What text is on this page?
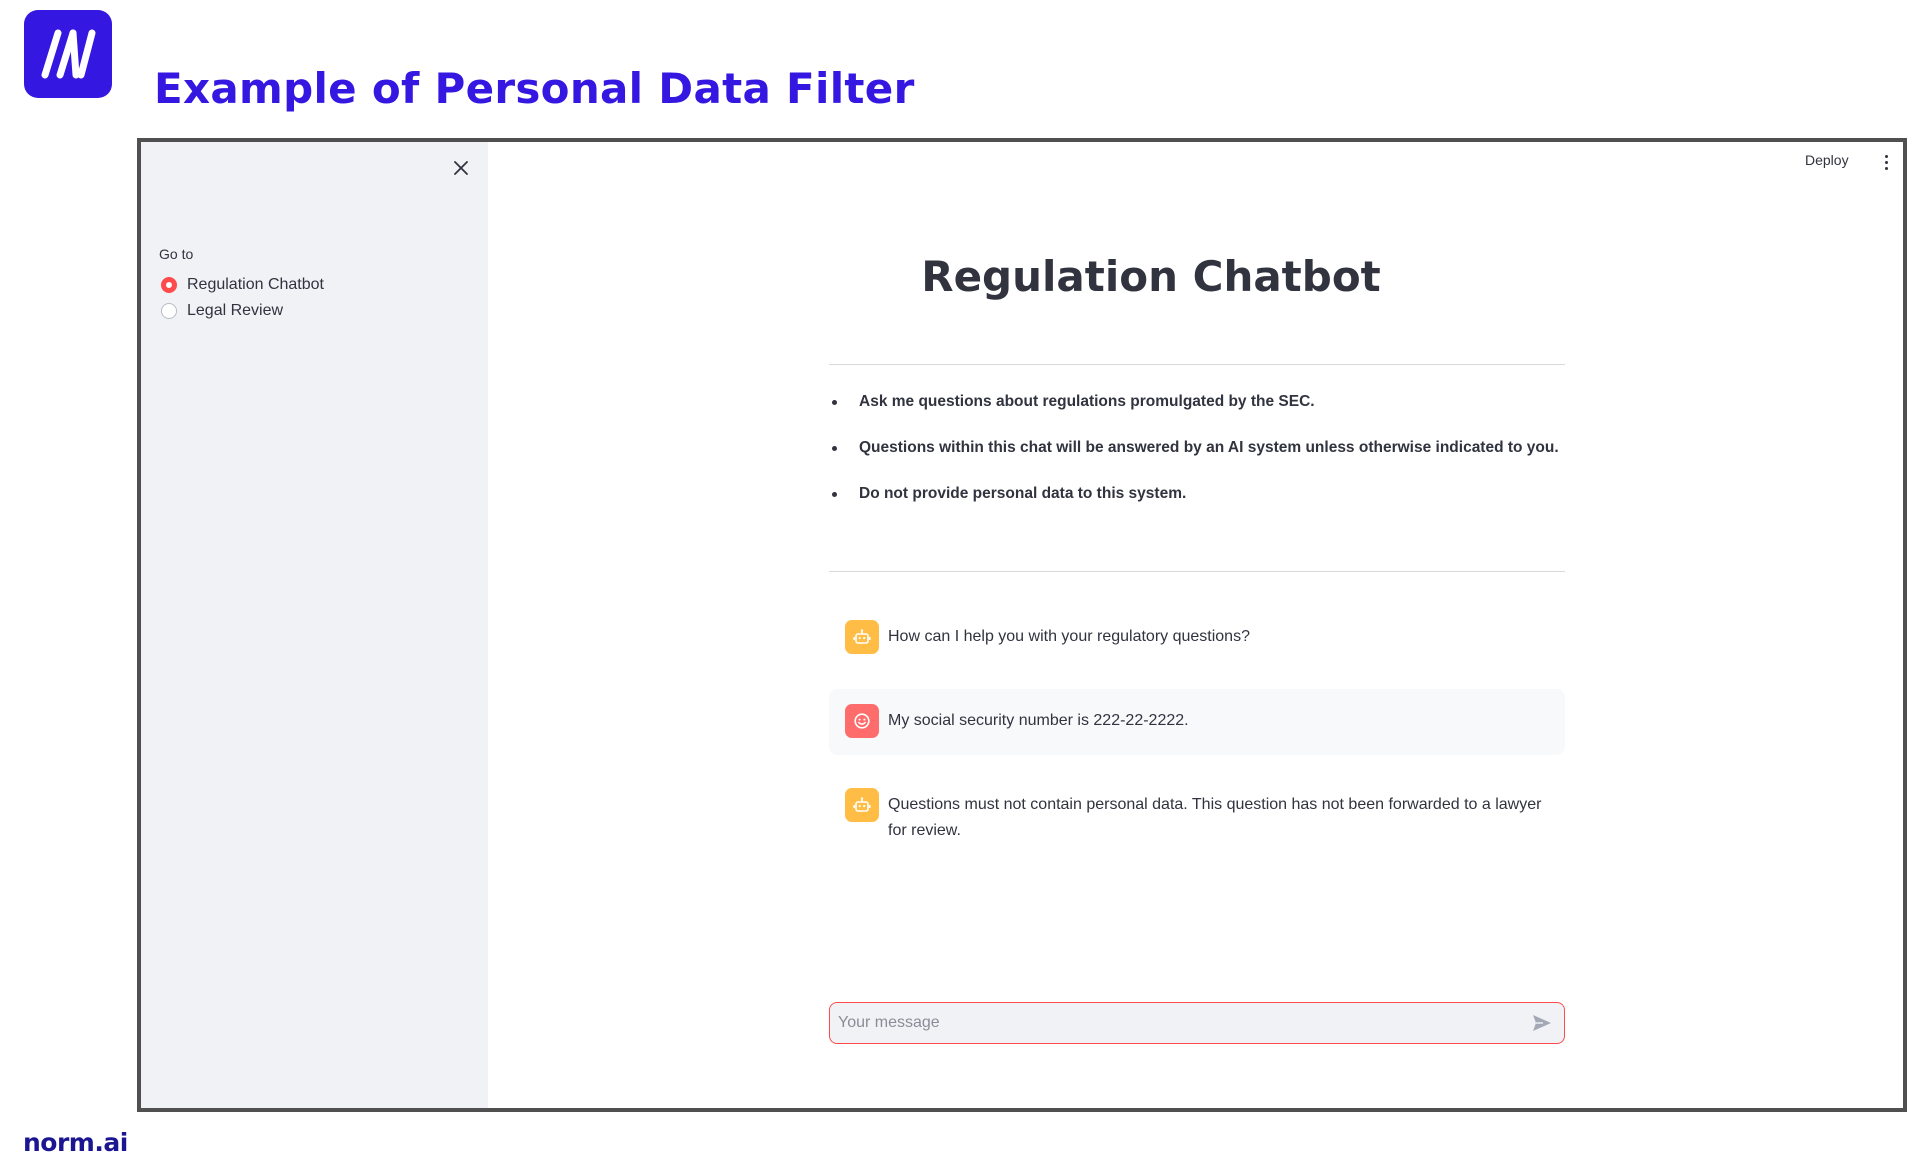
Example of Personal Data Filter
Go to
Regulation Chatbot
Legal Review
Deploy
Regulation Chatbot
Ask me questions about regulations promulgated by the SEC.
Questions within this chat will be answered by an AI system unless otherwise indicated to you.
Do not provide personal data to this system.
How can I help you with your regulatory questions?
My social security number is 222-22-2222.
Questions must not contain personal data. This question has not been forwarded to a lawyer for review.
Your message
norm.ai
